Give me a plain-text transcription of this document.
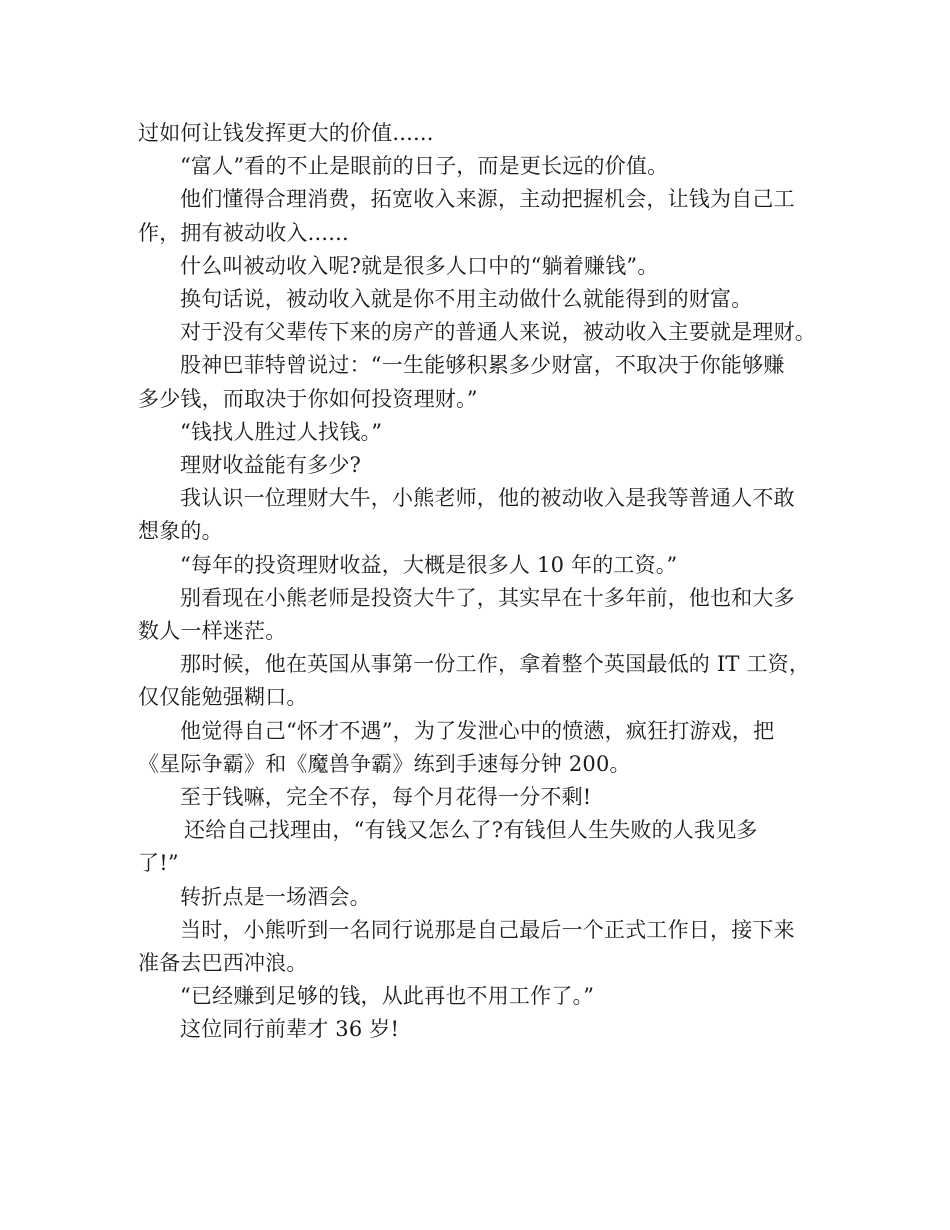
过如何让钱发挥更大的价值......
“富人”看的不止是眼前的日子，而是更长远的价值。
他们懂得合理消费，拓宽收入来源，主动把握机会，让钱为自己工
作，拥有被动收入......
什么叫被动收入呢?就是很多人口中的“躺着赚钱”。
换句话说，被动收入就是你不用主动做什么就能得到的财富。
对于没有父辈传下来的房产的普通人来说，被动收入主要就是理财。
股神巴菲特曾说过：“一生能够积累多少财富，不取决于你能够赚
多少钱，而取决于你如何投资理财。”
“钱找人胜过人找钱。”
理财收益能有多少?
我认识一位理财大牛，小熊老师，他的被动收入是我等普通人不敢
想象的。
“每年的投资理财收益，大概是很多人 10 年的工资。”
别看现在小熊老师是投资大牛了，其实早在十多年前，他也和大多
数人一样迷茫。
那时候，他在英国从事第一份工作，拿着整个英国最低的 IT 工资，
仅仅能勉强糊口。
他觉得自己“怀才不遇”，为了发泄心中的愤懑，疯狂打游戏，把
《星际争霸》和《魔兽争霸》练到手速每分钟 200。
至于钱嘛，完全不存，每个月花得一分不剩!
还给自己找理由，“有钱又怎么了?有钱但人生失败的人我见多
了!”
转折点是一场酒会。
当时，小熊听到一名同行说那是自己最后一个正式工作日，接下来
准备去巴西冲浪。
“已经赚到足够的钱，从此再也不用工作了。”
这位同行前辈才 36 岁!
